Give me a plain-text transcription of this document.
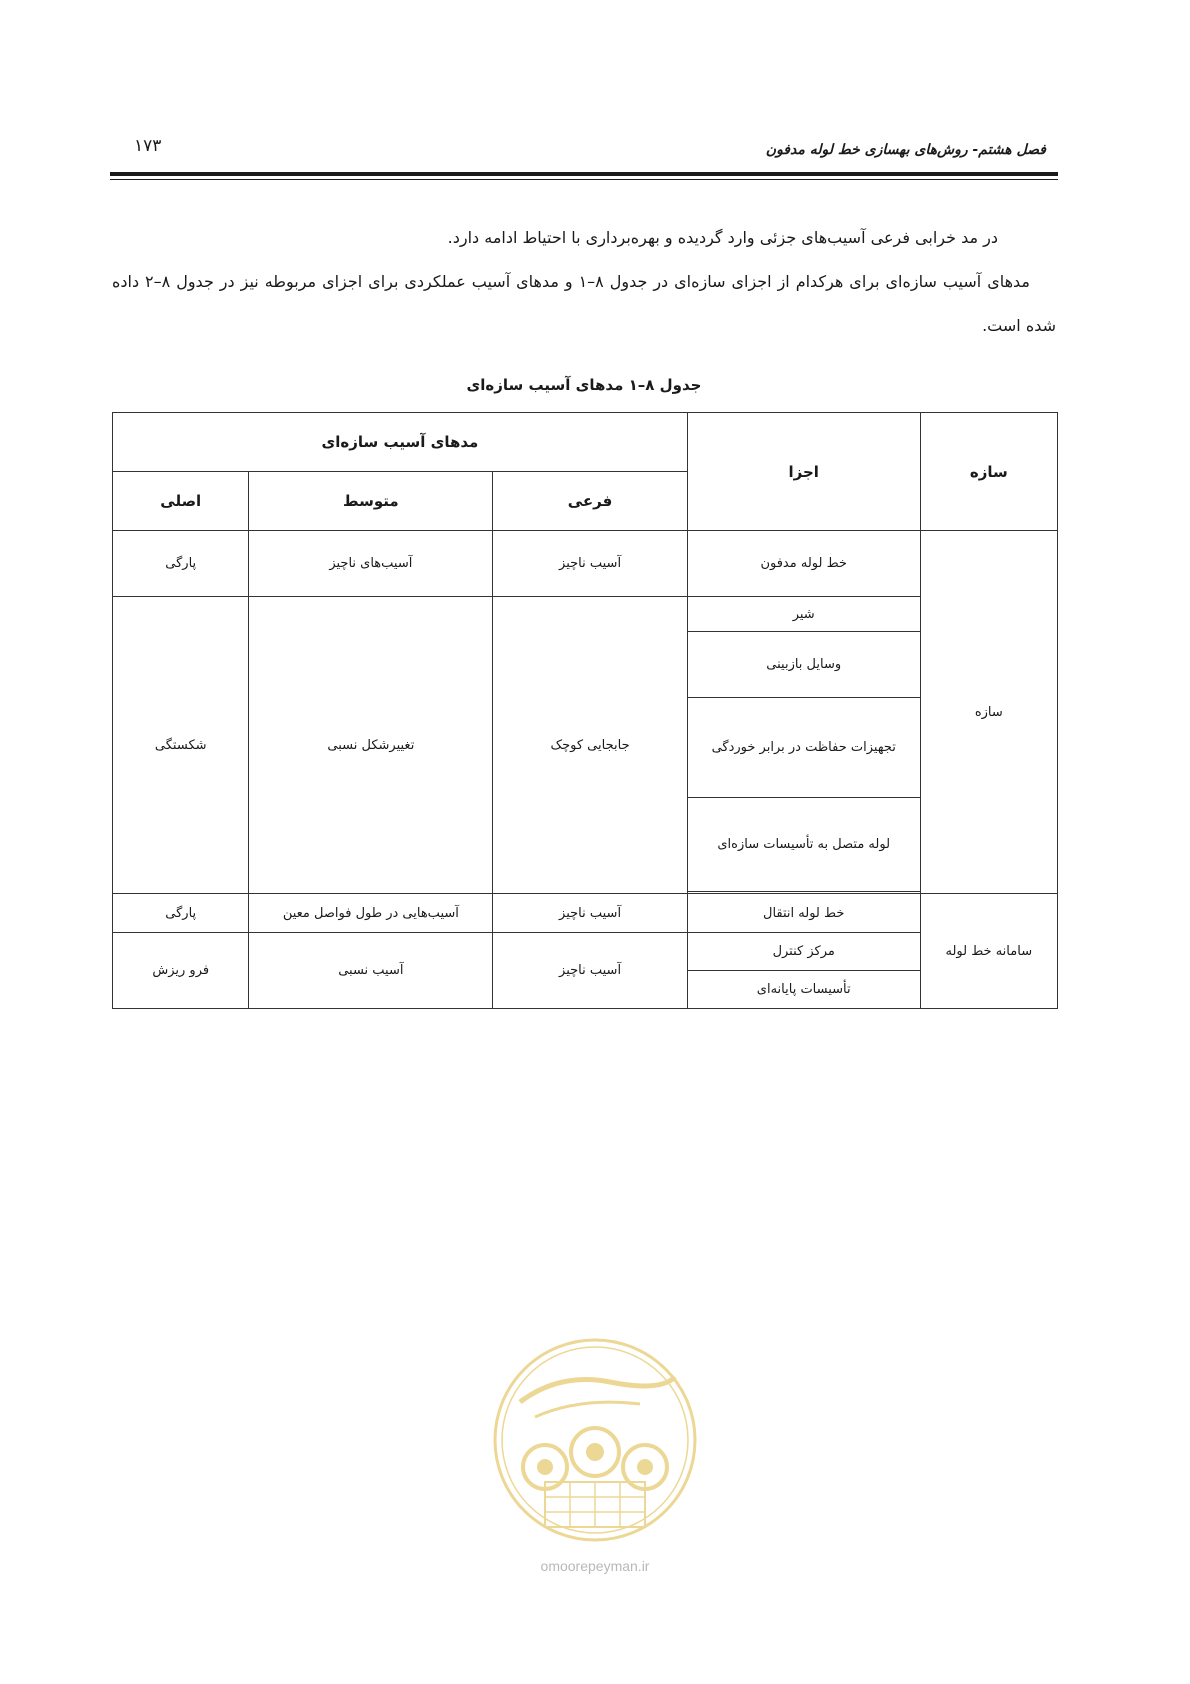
فصل هشتم- روش‌های بهسازی خط لوله مدفون
۱۷۳

در مد خرابی فرعی آسیب‌های جزئی وارد گردیده و بهره‌برداری با احتیاط ادامه دارد.

مدهای آسیب سازه‌ای برای هرکدام از اجزای سازه‌ای در جدول ۸–۱ و مدهای آسیب عملکردی برای اجزای مربوطه نیز در جدول ۸–۲ داده شده است.

جدول ۸–۱ مدهای آسیب سازه‌ای
سازه	اجزا	مدهای آسیب سازه‌ای		
		فرعی	متوسط	اصلی
سازه	خط لوله مدفون	آسیب ناچیز	آسیب‌های ناچیز	پارگی
	شیر	جابجایی کوچک	تغییرشکل نسبی	شکستگی
	وسایل بازبینی			
	تجهیزات حفاظت در برابر خوردگی			
	لوله متصل به تأسیسات سازه‌ای			

سامانه خط لوله	خط لوله انتقال	آسیب ناچیز	آسیب‌هایی در طول فواصل معین	پارگی
	مرکز کنترل	آسیب ناچیز	آسیب نسبی	فرو ریزش
	تأسیسات پایانه‌ای			
omoorepeyman.ir
